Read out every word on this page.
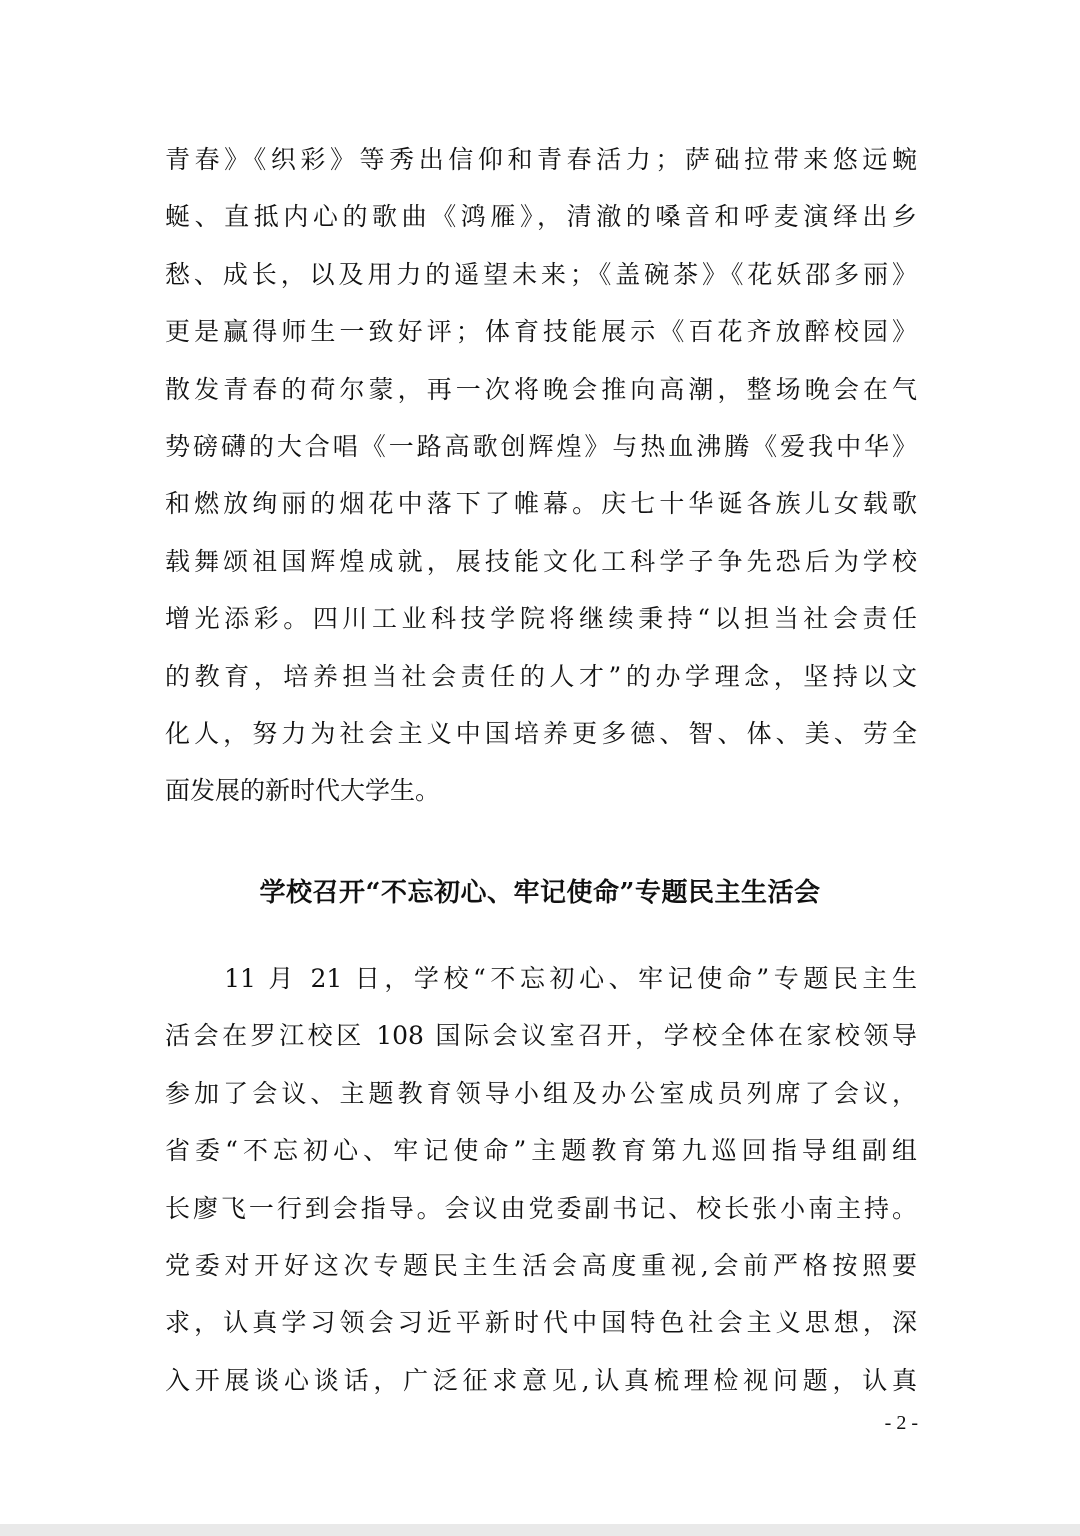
青春》《织彩》等秀出信仰和青春活力；萨础拉带来悠远蜿
蜒、直抵内心的歌曲《鸿雁》，清澈的嗓音和呼麦演绎出乡
愁、成长，以及用力的遥望未来；《盖碗茶》《花妖邵多丽》
更是赢得师生一致好评；体育技能展示《百花齐放醉校园》
散发青春的荷尔蒙，再一次将晚会推向高潮，整场晚会在气
势磅礴的大合唱《一路高歌创辉煌》与热血沸腾《爱我中华》
和燃放绚丽的烟花中落下了帷幕。庆七十华诞各族儿女载歌
载舞颂祖国辉煌成就，展技能文化工科学子争先恐后为学校
增光添彩。四川工业科技学院将继续秉持“以担当社会责任
的教育，培养担当社会责任的人才”的办学理念，坚持以文
化人，努力为社会主义中国培养更多德、智、体、美、劳全
面发展的新时代大学生。
学校召开“不忘初心、牢记使命”专题民主生活会
　　11 月 21 日，学校“不忘初心、牢记使命”专题民主生
活会在罗江校区 108 国际会议室召开，学校全体在家校领导
参加了会议、主题教育领导小组及办公室成员列席了会议，
省委“不忘初心、牢记使命”主题教育第九巡回指导组副组
长廖飞一行到会指导。会议由党委副书记、校长张小南主持。
党委对开好这次专题民主生活会高度重视,会前严格按照要
求，认真学习领会习近平新时代中国特色社会主义思想，深
入开展谈心谈话，广泛征求意见,认真梳理检视问题，认真
- 2 -
